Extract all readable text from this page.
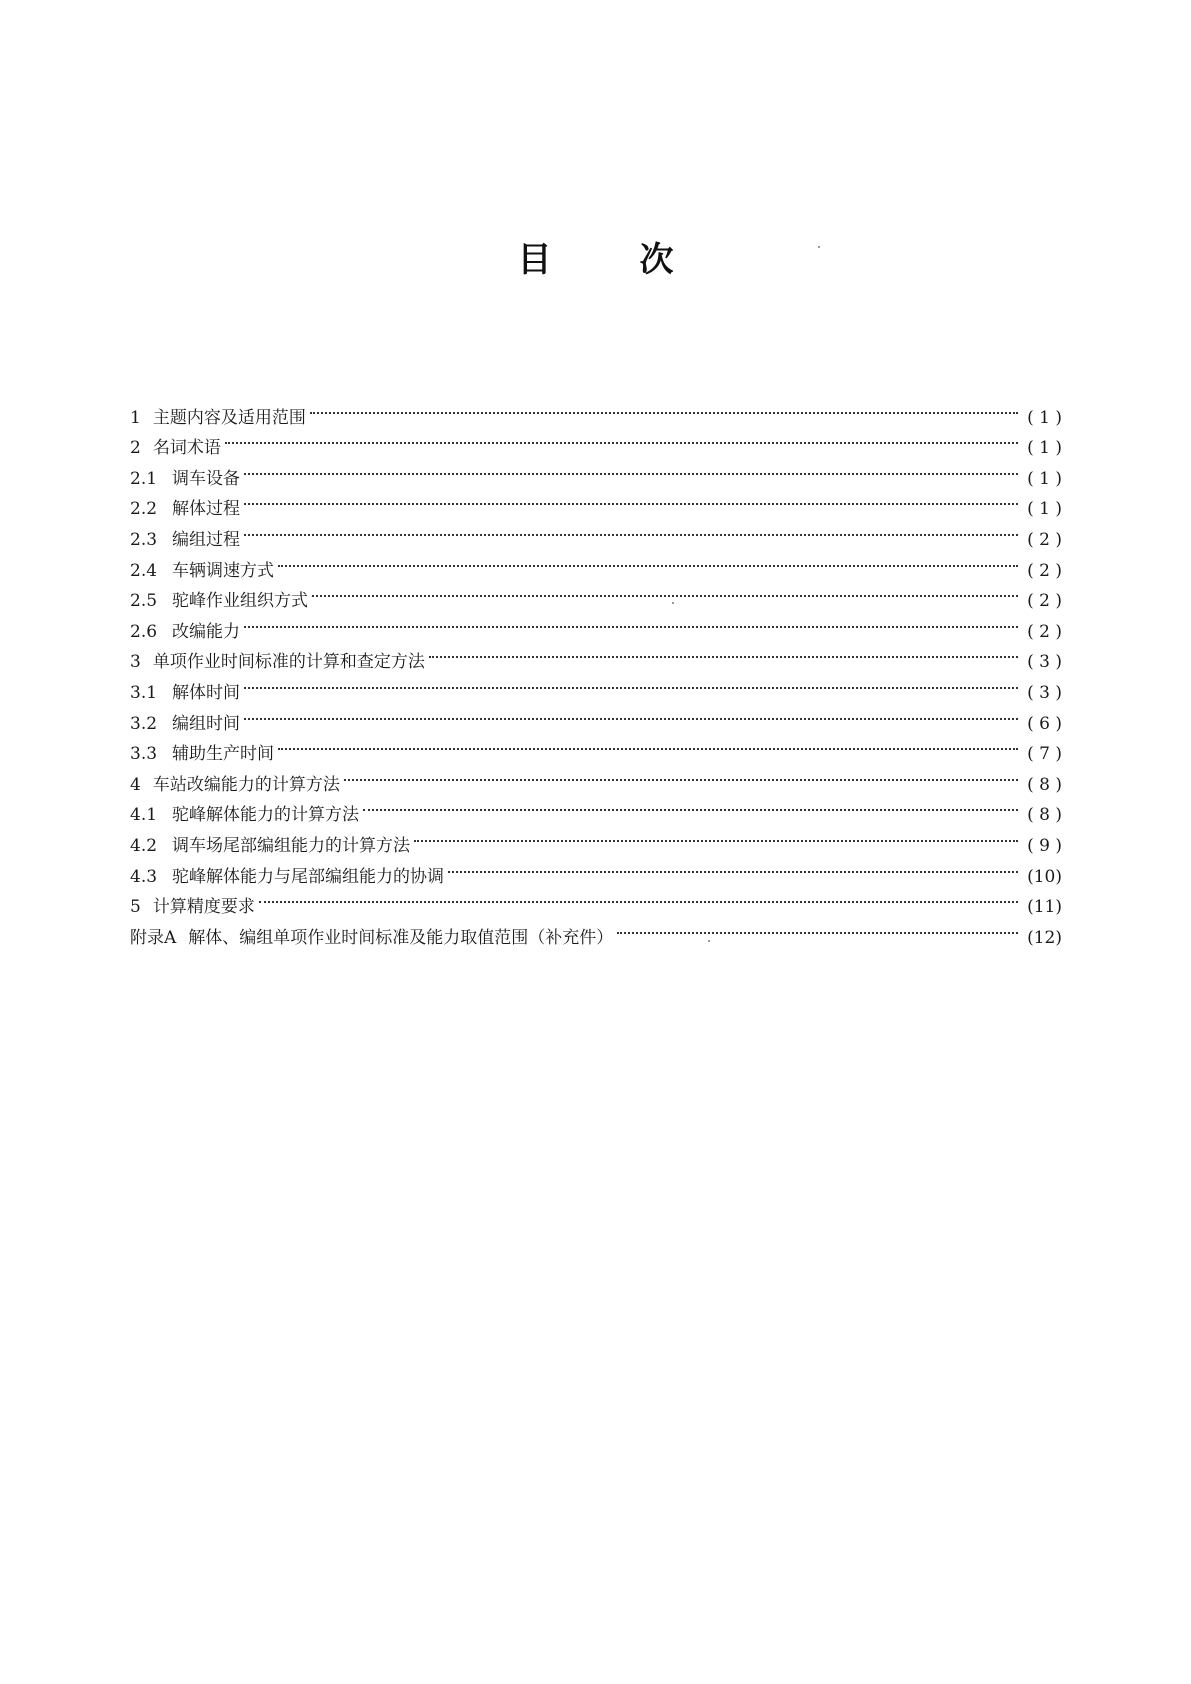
目	次
1 主题内容及适用范围	( 1 )
2 名词术语	( 1 )
2.1 调车设备	( 1 )
2.2 解体过程	( 1 )
2.3 编组过程	( 2 )
2.4 车辆调速方式	( 2 )
2.5 驼峰作业组织方式	( 2 )
2.6 改编能力	( 2 )
3 单项作业时间标准的计算和查定方法	( 3 )
3.1 解体时间	( 3 )
3.2 编组时间	( 6 )
3.3 辅助生产时间	( 7 )
4 车站改编能力的计算方法	( 8 )
4.1 驼峰解体能力的计算方法	( 8 )
4.2 调车场尾部编组能力的计算方法	( 9 )
4.3 驼峰解体能力与尾部编组能力的协调	(10)
5 计算精度要求	(11)
附录A 解体、编组单项作业时间标准及能力取值范围（补充件）	(12)
